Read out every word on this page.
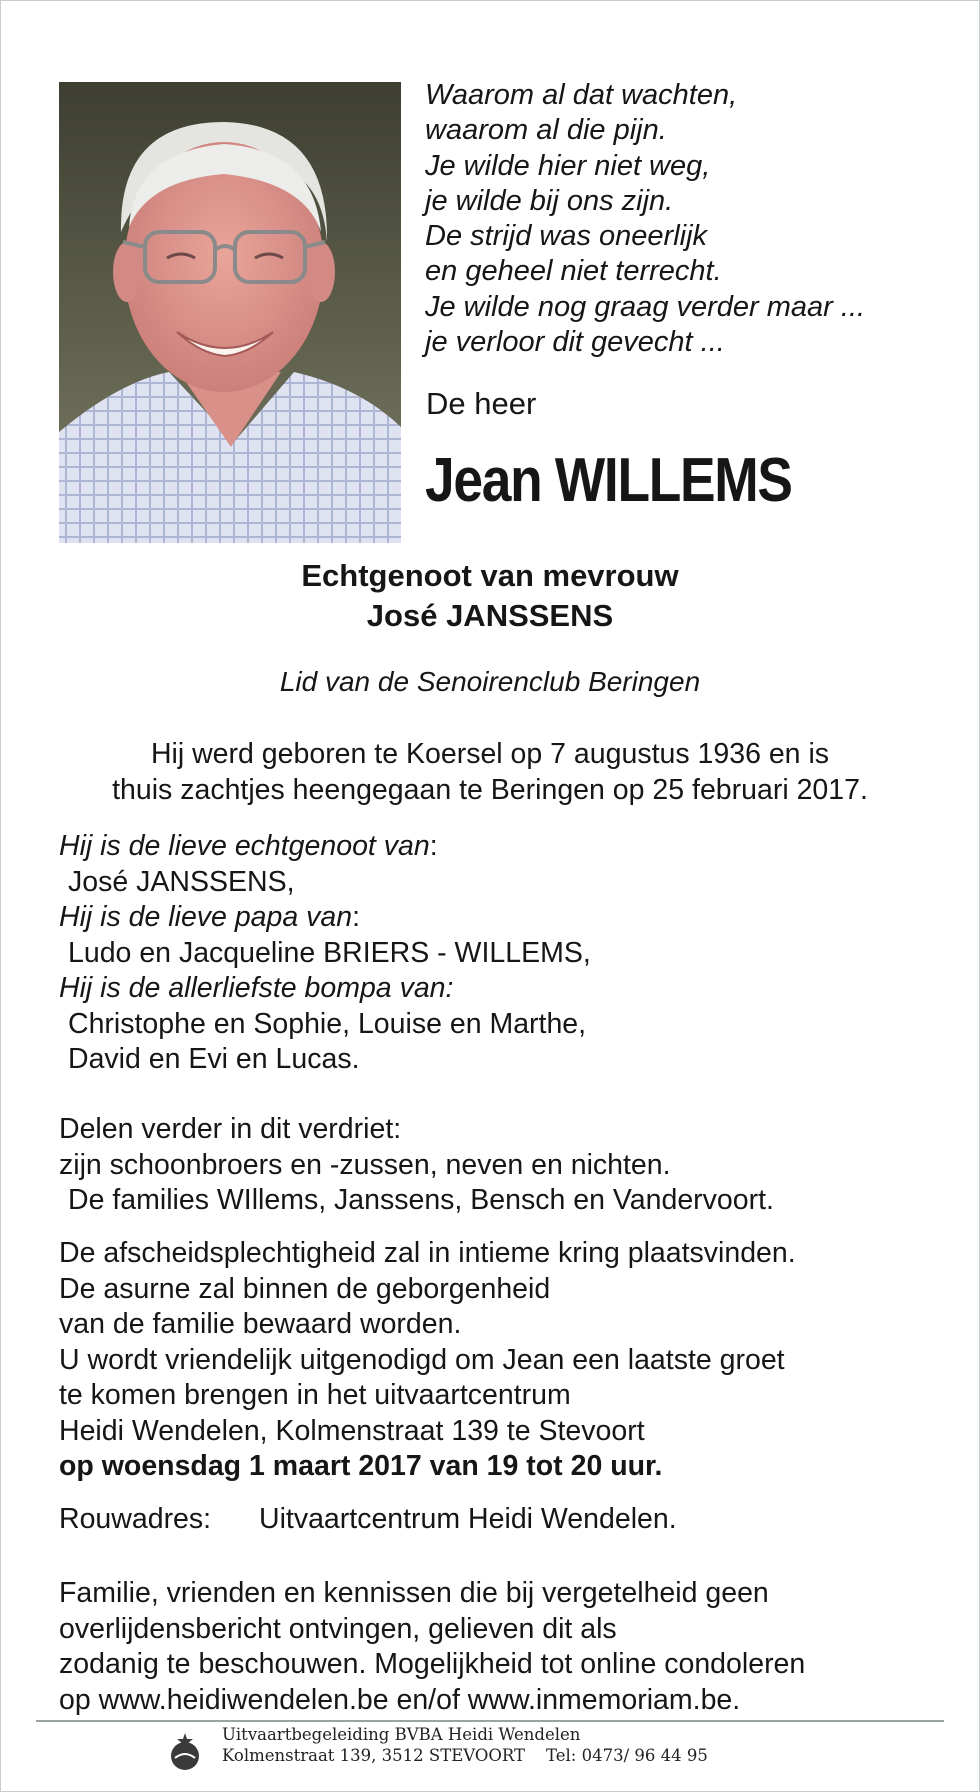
Waarom al dat wachten,
waarom al die pijn.
Je wilde hier niet weg,
je wilde bij ons zijn.
De strijd was oneerlijk
en geheel niet terrecht.
Je wilde nog graag verder maar ...
je verloor dit gevecht ...
De heer
Jean WILLEMS
Echtgenoot van mevrouw
José JANSSENS
Lid van de Senoirenclub Beringen
Hij werd geboren te Koersel op 7 augustus 1936 en is
thuis zachtjes heengegaan te Beringen op 25 februari 2017.
Hij is de lieve echtgenoot van:
José JANSSENS,
Hij is de lieve papa van:
Ludo en Jacqueline BRIERS - WILLEMS,
Hij is de allerliefste bompa van:
Christophe en Sophie, Louise en Marthe,
David en Evi en Lucas.
Delen verder in dit verdriet:
zijn schoonbroers en -zussen, neven en nichten.
De families WIllems, Janssens, Bensch en Vandervoort.
De afscheidsplechtigheid zal in intieme kring plaatsvinden.
De asurne zal binnen de geborgenheid
van de familie bewaard worden.
U wordt vriendelijk uitgenodigd om Jean een laatste groet
te komen brengen in het uitvaartcentrum
Heidi Wendelen, Kolmenstraat 139 te Stevoort
op woensdag 1 maart 2017 van 19 tot 20 uur.
Rouwadres: Uitvaartcentrum Heidi Wendelen.
Familie, vrienden en kennissen die bij vergetelheid geen
overlijdensbericht ontvingen, gelieven dit als
zodanig te beschouwen. Mogelijkheid tot online condoleren
op www.heidiwendelen.be en/of www.inmemoriam.be.
Uitvaartbegeleiding BVBA Heidi Wendelen
Kolmenstraat 139, 3512 STEVOORT    Tel: 0473/ 96 44 95
